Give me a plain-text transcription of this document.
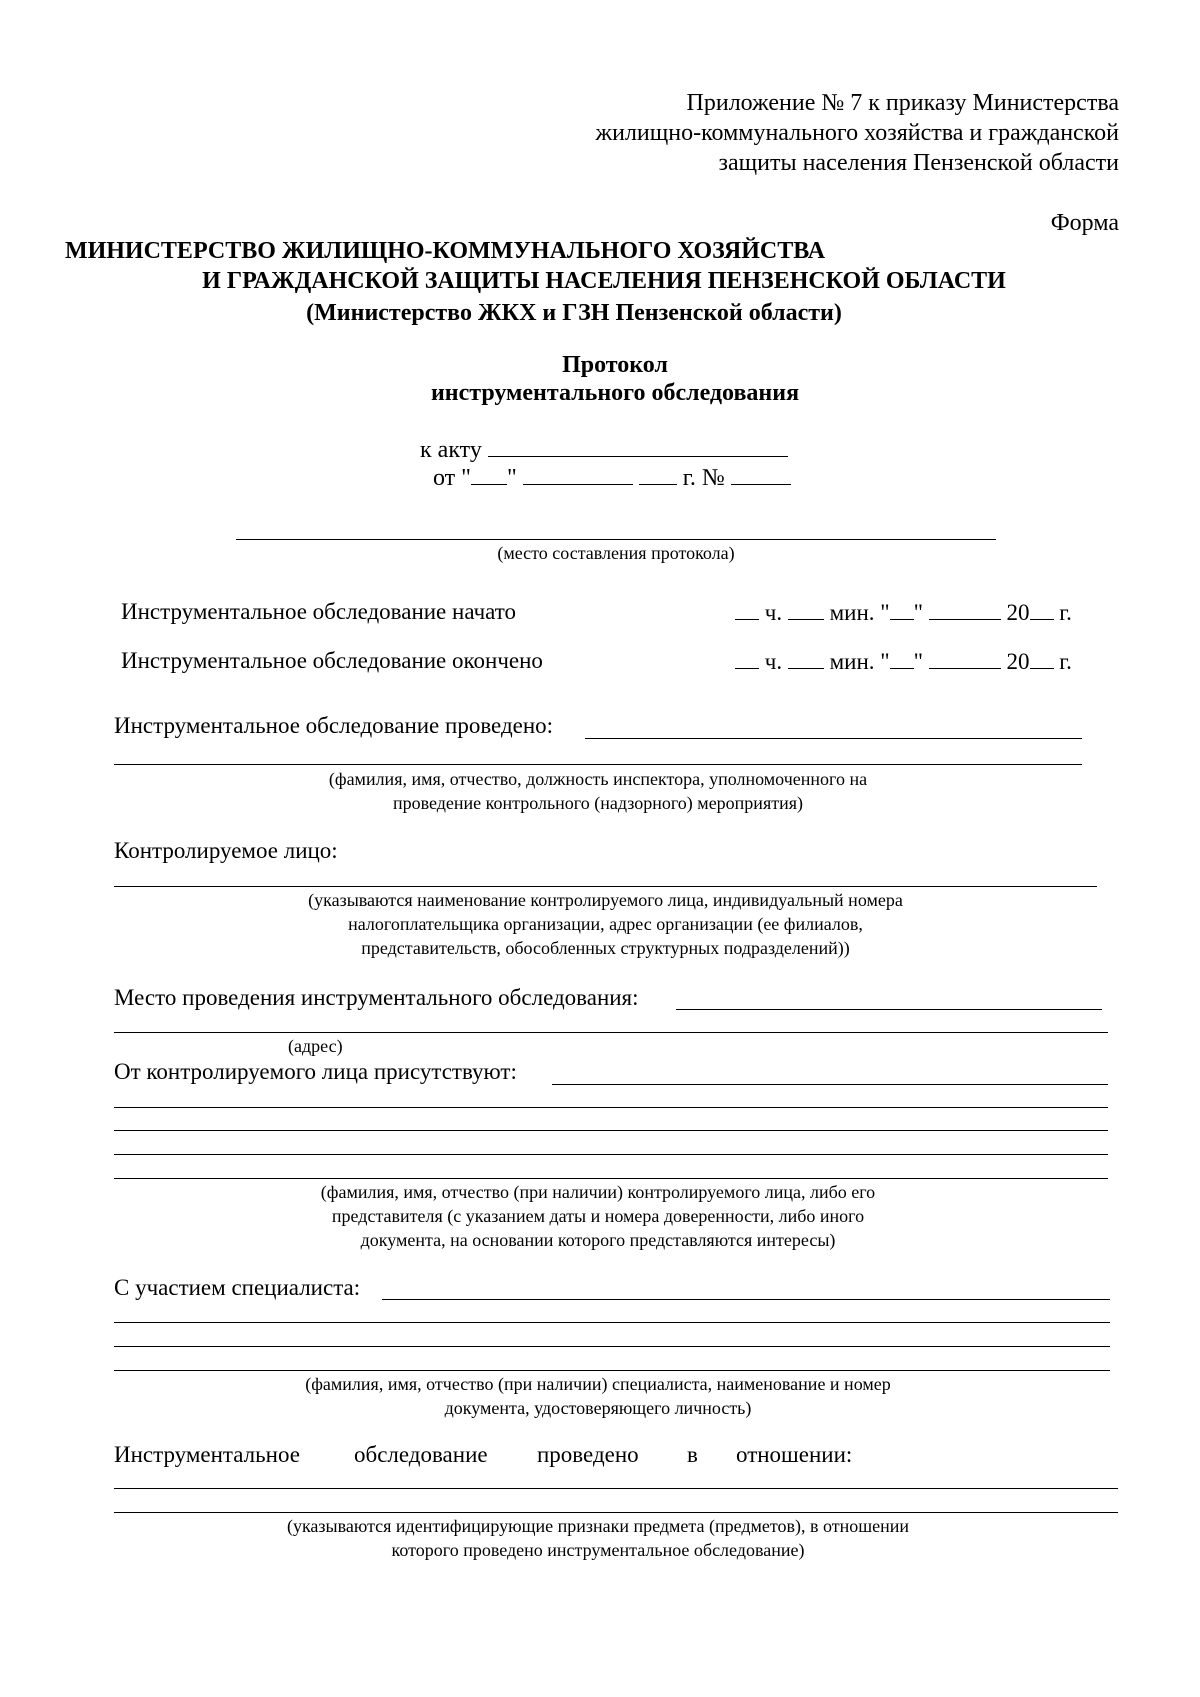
Приложение № 7 к приказу Министерства
жилищно-коммунального хозяйства и гражданской
защиты населения Пензенской области
Форма
МИНИСТЕРСТВО ЖИЛИЩНО-КОММУНАЛЬНОГО ХОЗЯЙСТВА
И ГРАЖДАНСКОЙ ЗАЩИТЫ НАСЕЛЕНИЯ ПЕНЗЕНСКОЙ ОБЛАСТИ
(Министерство ЖКХ и ГЗН Пензенской области)
Протокол
инструментального обследования
к акту
от " "	г. №
(место составления протокола)
Инструментальное обследование начато	ч. мин. " "	20 г.
Инструментальное обследование окончено	ч. мин. " "	20 г.
Инструментальное обследование проведено:
(фамилия, имя, отчество, должность инспектора, уполномоченного на
проведение контрольного (надзорного) мероприятия)
Контролируемое лицо:
(указываются наименование контролируемого лица, индивидуальный номера
налогоплательщика организации, адрес организации (ее филиалов,
представительств, обособленных структурных подразделений))
Место проведения инструментального обследования:
(адрес)
От контролируемого лица присутствуют:
(фамилия, имя, отчество (при наличии) контролируемого лица, либо его
представителя (с указанием даты и номера доверенности, либо иного
документа, на основании которого представляются интересы)
С участием специалиста:
(фамилия, имя, отчество (при наличии) специалиста, наименование и номер
документа, удостоверяющего личность)
Инструментальное обследование проведено в отношении:
(указываются идентифицирующие признаки предмета (предметов), в отношении
которого проведено инструментальное обследование)
